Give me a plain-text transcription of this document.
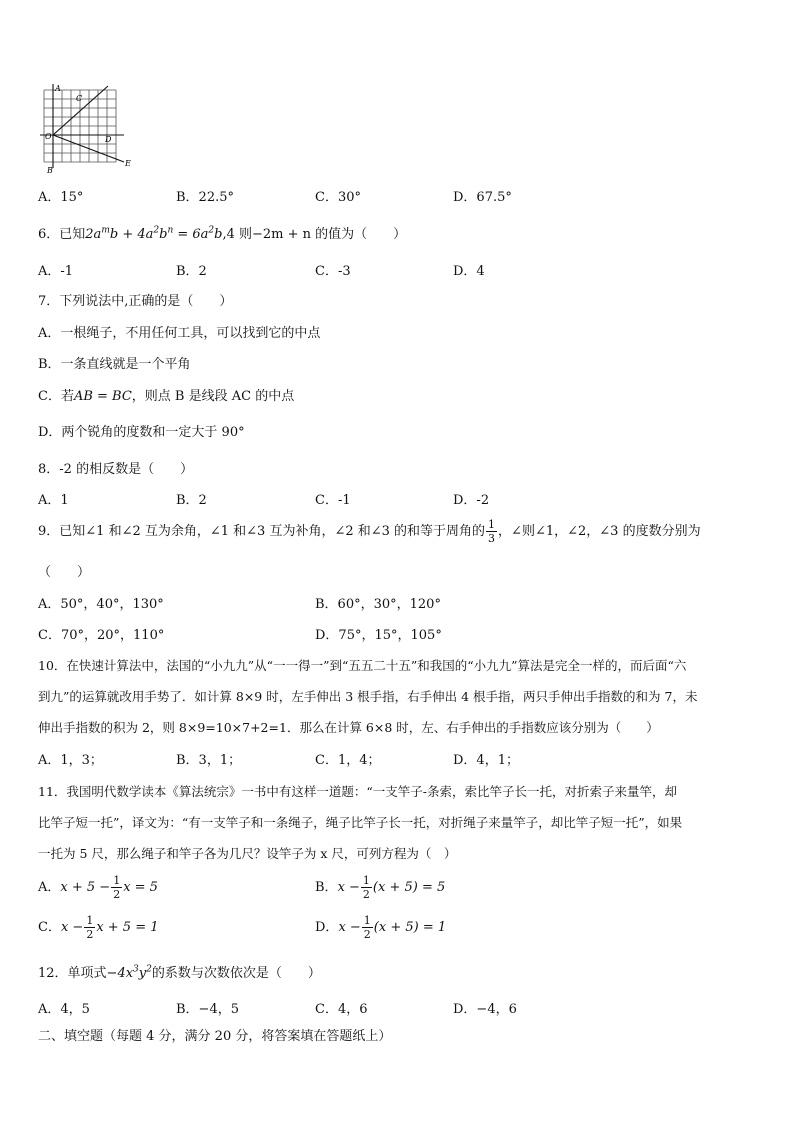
A
C
O	D
B
E
A．15°	B．22.5°	C．30°	D．67.5°
6．已知$2a^mb + 4a^2b^n = 6a^2b,4$ 则−2m + n 的值为（　　）
A．-1	B．2	C．-3	D．4
7．下列说法中,正确的是（　　）
A．一根绳子，不用任何工具，可以找到它的中点
B．一条直线就是一个平角
C．若AB = BC，则点 B 是线段 AC 的中点
D．两个锐角的度数和一定大于 90°
8．-2 的相反数是（　　）
A．1	B．2	C．-1	D．-2
9．已知∠1 和∠2 互为余角，∠1 和∠3 互为补角，∠2 和∠3 的和等于周角的 $\frac{1}{3}$ ，∠则∠1，∠2，∠3 的度数分别为
（　　）
A．50°，40°，130°	B．60°，30°，120°
C．70°，20°，110°	D．75°，15°，105°
10．在快速计算法中，法国的“小九九”从“一一得一”到“五五二十五”和我国的“小九九”算法是完全一样的，而后面“六
到九”的运算就改用手势了．如计算 8×9 时，左手伸出 3 根手指，右手伸出 4 根手指，两只手伸出手指数的和为 7，未
伸出手指数的积为 2，则 8×9=10×7+2=1．那么在计算 6×8 时，左、右手伸出的手指数应该分别为（　　）
A．1，3；	B．3，1；	C．1，4；	D．4，1；
11．我国明代数学读本《算法统宗》一书中有这样一道题：“一支竿子-条索，索比竿子长一托，对折索子来量竿，却
比竿子短一托”，译文为：“有一支竿子和一条绳子，绳子比竿子长一托，对折绳子来量竿子，却比竿子短一托”，如果
一托为 5 尺，那么绳子和竿子各为几尺？设竿子为 x 尺，可列方程为（　）
A．$x + 5 - \frac{1}{2}$ x = 5	B．$x - \frac{1}{2} (x + 5) = 5$
C．$x - \frac{1}{2}$ x + 5 = 1	D．$x - \frac{1}{2} (x + 5) = 1$
12．单项式$-4x^3y^2$的系数与次数依次是（　　）
A．4，5	B．−4，5	C．4，6	D．−4，6
二、填空题（每题 4 分，满分 20 分，将答案填在答题纸上）
